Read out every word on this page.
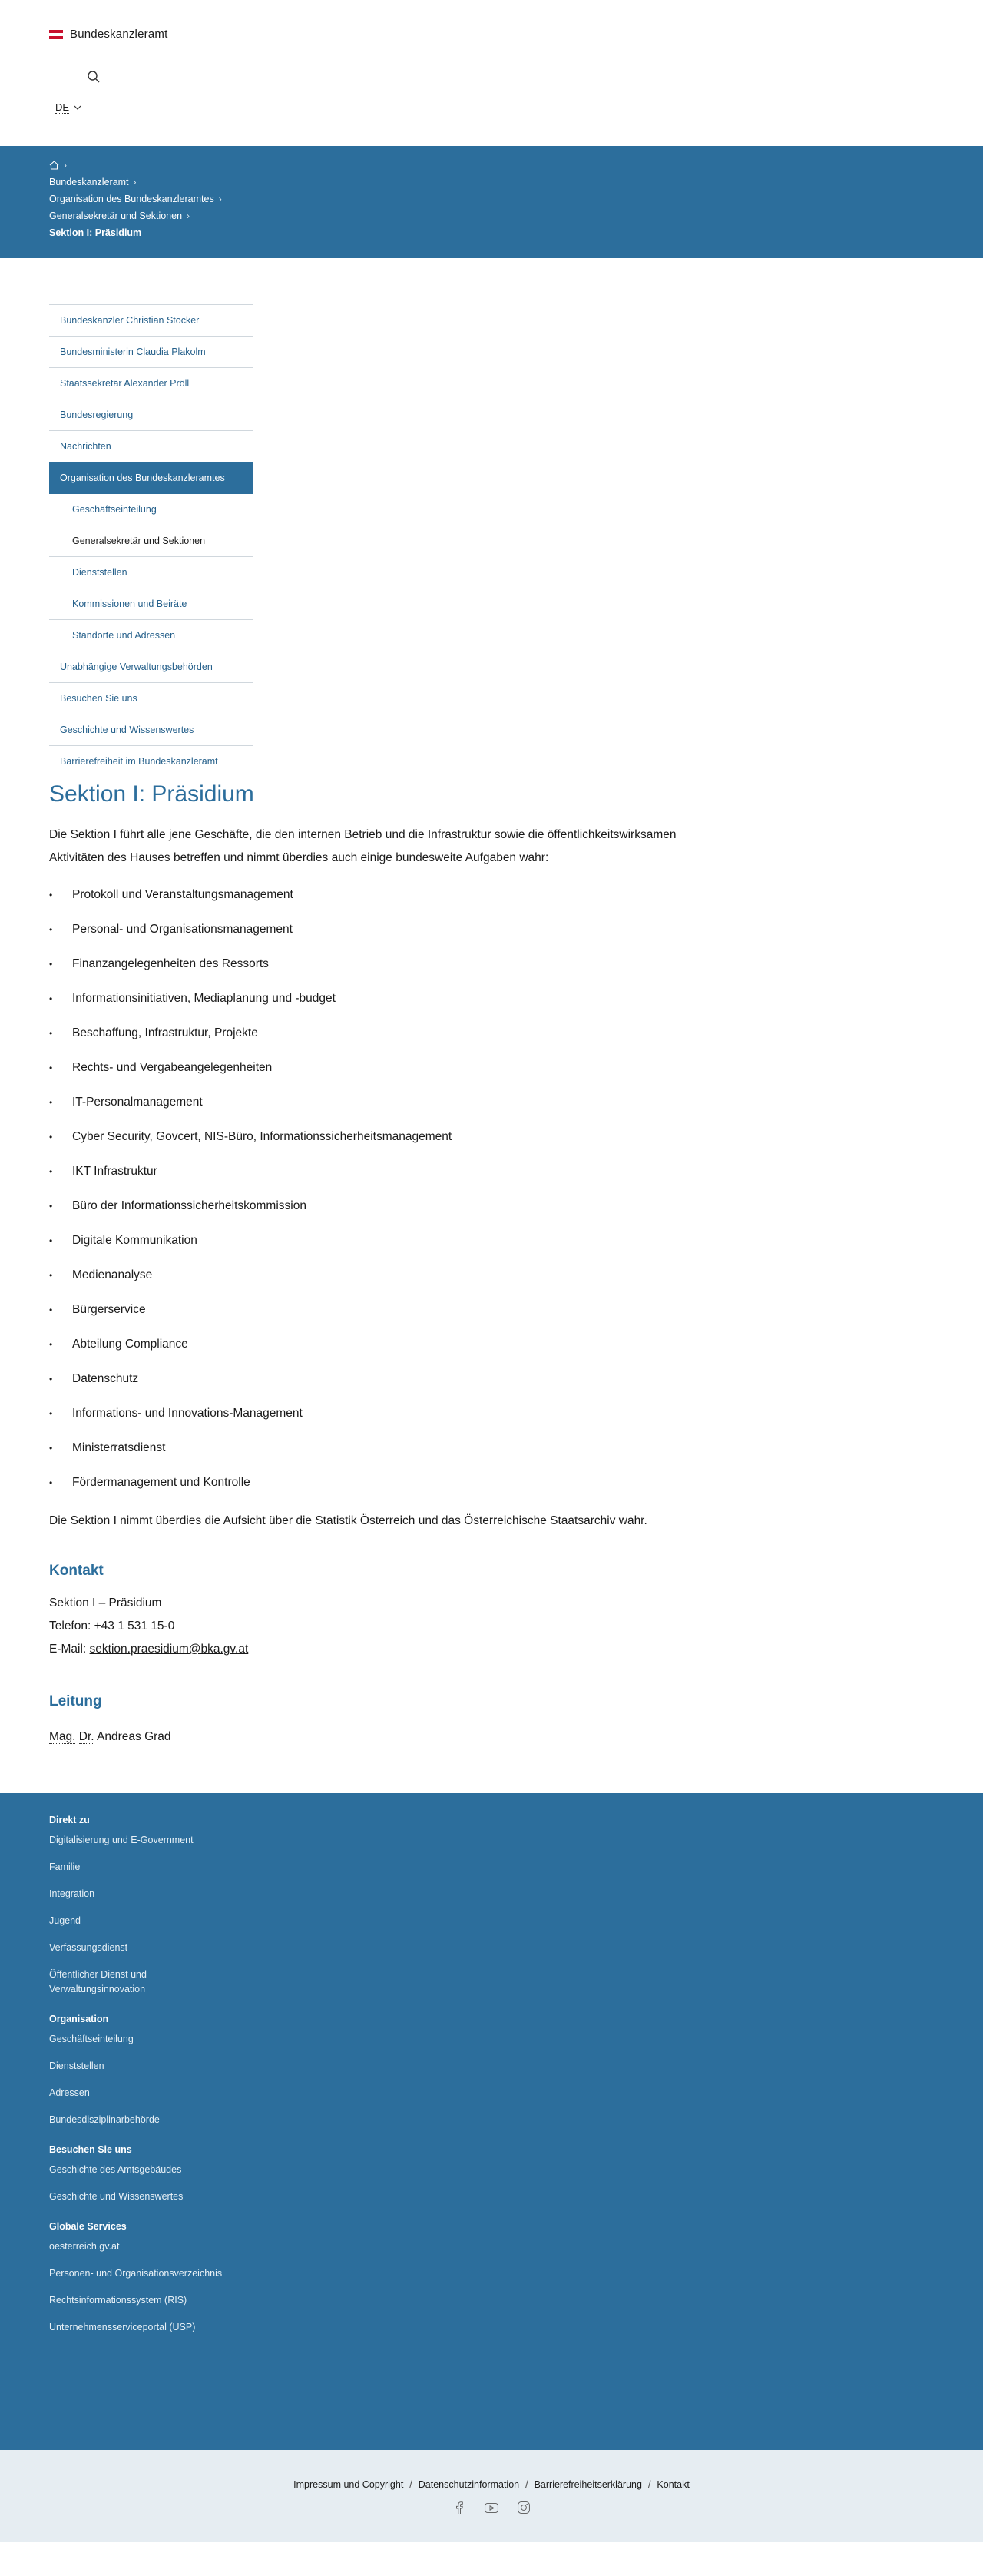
Bundeskanzleramt
DE
›
Bundeskanzleramt ›
Organisation des Bundeskanzleramtes ›
Generalsekretär und Sektionen ›
Sektion I: Präsidium
Bundeskanzler Christian Stocker
Bundesministerin Claudia Plakolm
Staatssekretär Alexander Pröll
Bundesregierung
Nachrichten
Organisation des Bundeskanzleramtes
Geschäftseinteilung
Generalsekretär und Sektionen
Dienststellen
Kommissionen und Beiräte
Standorte und Adressen
Unabhängige Verwaltungsbehörden
Besuchen Sie uns
Geschichte und Wissenswertes
Barrierefreiheit im Bundeskanzleramt
Sektion I: Präsidium

Die Sektion I führt alle jene Geschäfte, die den internen Betrieb und die Infrastruktur sowie die öffentlichkeitswirksamen Aktivitäten des Hauses betreffen und nimmt überdies auch einige bundesweite Aufgaben wahr:

• Protokoll und Veranstaltungsmanagement
• Personal- und Organisationsmanagement
• Finanzangelegenheiten des Ressorts
• Informationsinitiativen, Mediaplanung und -budget
• Beschaffung, Infrastruktur, Projekte
• Rechts- und Vergabeangelegenheiten
• IT-Personalmanagement
• Cyber Security, Govcert, NIS-Büro, Informationssicherheitsmanagement
• IKT Infrastruktur
• Büro der Informationssicherheitskommission
• Digitale Kommunikation
• Medienanalyse
• Bürgerservice
• Abteilung Compliance
• Datenschutz
• Informations- und Innovations-Management
• Ministerratsdienst
• Fördermanagement und Kontrolle

Die Sektion I nimmt überdies die Aufsicht über die Statistik Österreich und das Österreichische Staatsarchiv wahr.

Kontakt

Sektion I – Präsidium

Telefon: +43 1 531 15-0

E-Mail: sektion.praesidium@bka.gv.at

Leitung

Mag. Dr. Andreas Grad

Direkt zu
Digitalisierung und E-Government
Familie
Integration
Jugend
Verfassungsdienst
Öffentlicher Dienst und Verwaltungsinnovation
Organisation
Geschäftseinteilung
Dienststellen
Adressen
Bundesdisziplinarbehörde
Besuchen Sie uns
Geschichte des Amtsgebäudes
Geschichte und Wissenswertes
Globale Services
oesterreich.gv.at
Personen- und Organisationsverzeichnis
Rechtsinformationssystem (RIS)
Unternehmensserviceportal (USP)
Impressum und Copyright / Datenschutzinformation / Barrierefreiheitserklärung / Kontakt
